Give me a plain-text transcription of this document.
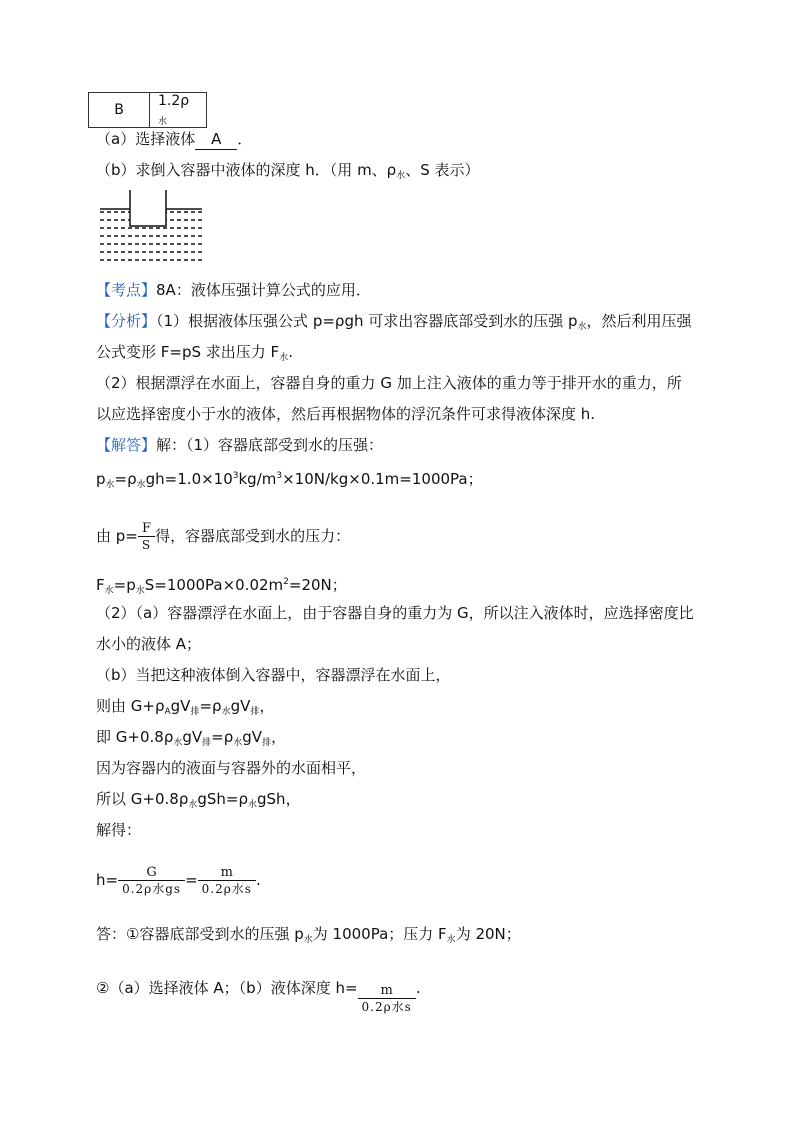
B	$1.2\rho_水$
（a）选择液体 A ．
（b）求倒入容器中液体的深度 h．（用 m、$\rho_水$、S 表示）
【考点】8A：液体压强计算公式的应用．
【分析】（1）根据液体压强公式 p=ρgh 可求出容器底部受到水的压强 $p_水$，然后利用压强
公式变形 F=pS 求出压力 $F_水$.
（2）根据漂浮在水面上，容器自身的重力 G 加上注入液体的重力等于排开水的重力，所
以应选择密度小于水的液体，然后再根据物体的浮沉条件可求得液体深度 h.
【解答】解：（1）容器底部受到水的压强：
$p_水=\rho_水gh=1.0\times 10^3kg/m^3\times 10N/kg\times 0.1m=1000Pa$；
由 $p= \frac{F}{S}$ 得，容器底部受到水的压力：
$F_水=p_水S=1000Pa\times 0.02m^2=20N$；
（2）（a）容器漂浮在水面上，由于容器自身的重力为 G，所以注入液体时，应选择密度比
水小的液体 A；
（b）当把这种液体倒入容器中，容器漂浮在水面上，
则由 $G+\rho_AgV_排=\rho_水gV_排$，
即 $G+0.8\rho_水gV_排=\rho_水gV_排$，
因为容器内的液面与容器外的水面相平，
所以 $G+0.8\rho_水gSh=\rho_水gSh$，
解得：
$h= \frac{G}{\text{0.2ρ水gs}} = \frac{m}{\text{0.2ρ水s}}$ .
答：①容器底部受到水的压强 $p_水$为 1000Pa；压力 $F_水$为 20N；
②（a）选择液体 A；（b）液体深度 $h= \frac{m}{\text{0.2ρ水s}}$ .
